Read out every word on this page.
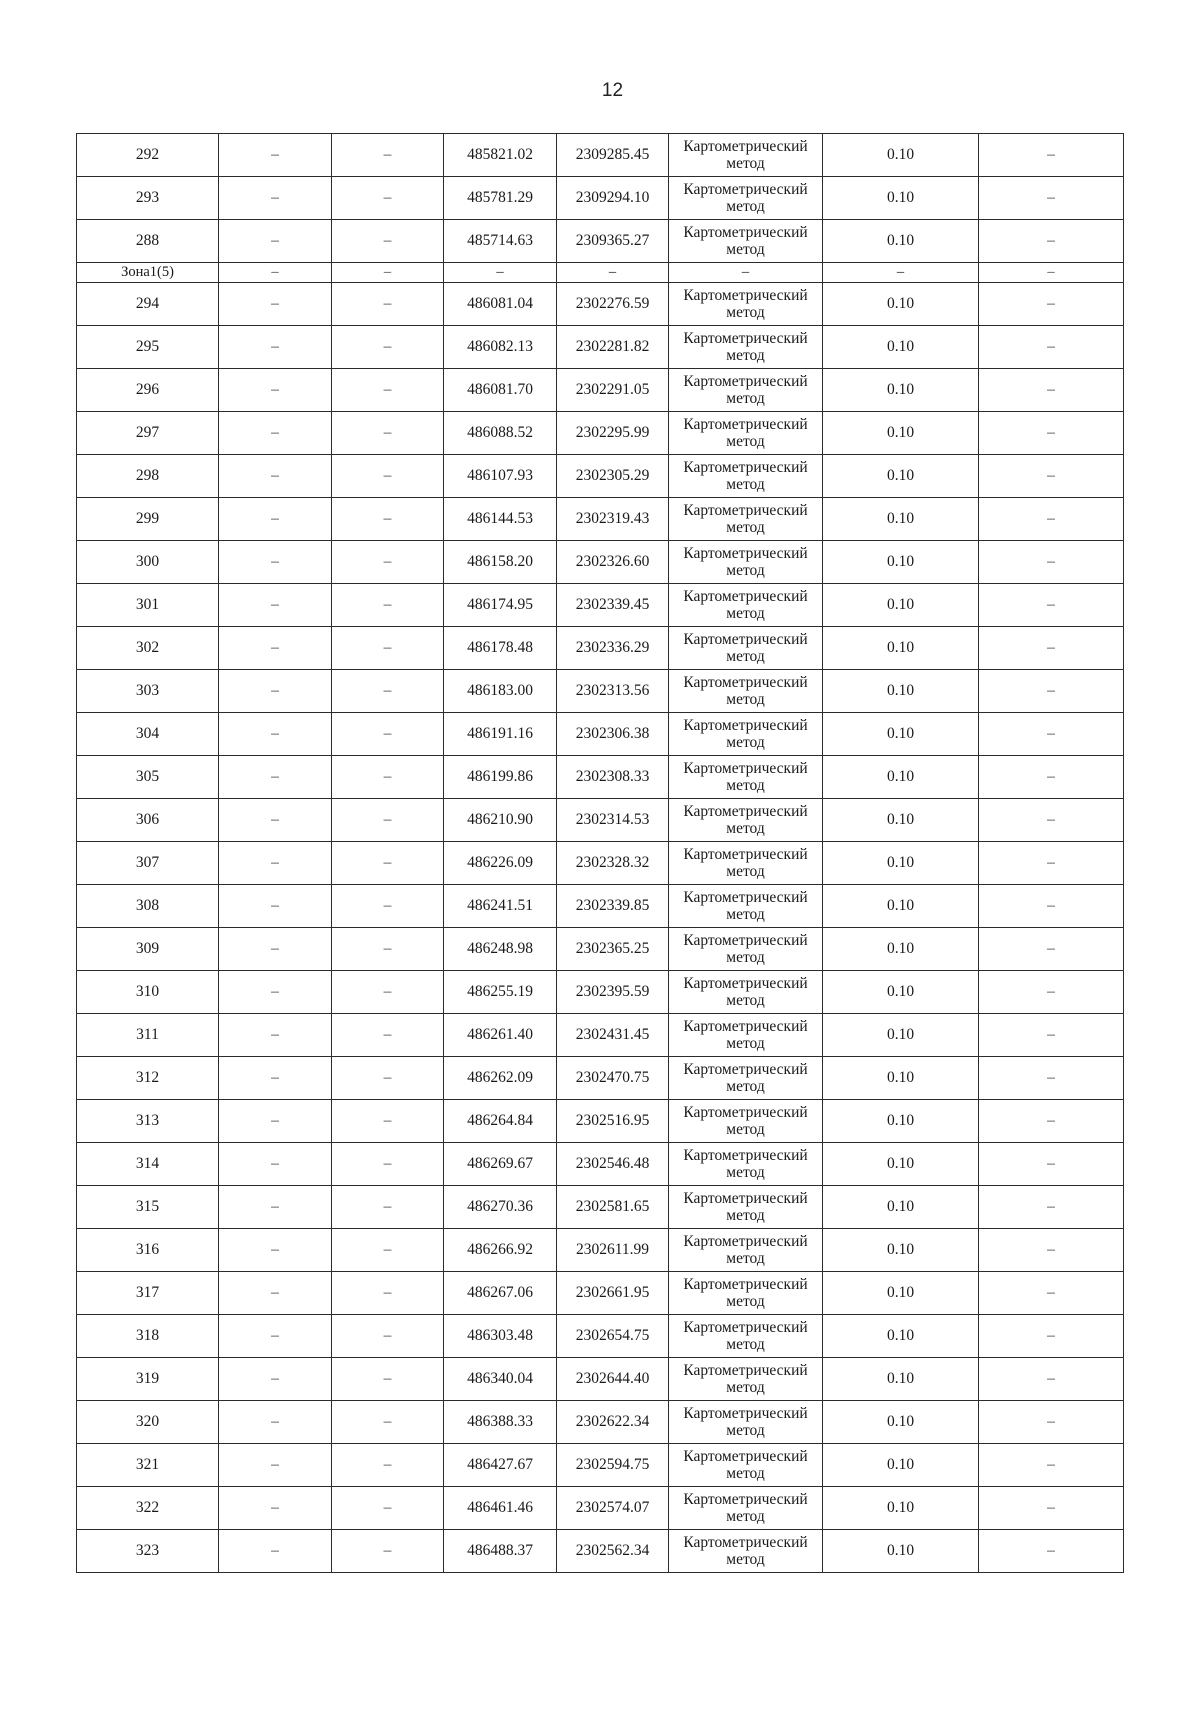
12
292	–	–	485821.02	2309285.45	Картометрический метод	0.10	–
293	–	–	485781.29	2309294.10	Картометрический метод	0.10	–
288	–	–	485714.63	2309365.27	Картометрический метод	0.10	–
Зона1(5)	–	–	–	–	–	–	–
294	–	–	486081.04	2302276.59	Картометрический метод	0.10	–
295	–	–	486082.13	2302281.82	Картометрический метод	0.10	–
296	–	–	486081.70	2302291.05	Картометрический метод	0.10	–
297	–	–	486088.52	2302295.99	Картометрический метод	0.10	–
298	–	–	486107.93	2302305.29	Картометрический метод	0.10	–
299	–	–	486144.53	2302319.43	Картометрический метод	0.10	–
300	–	–	486158.20	2302326.60	Картометрический метод	0.10	–
301	–	–	486174.95	2302339.45	Картометрический метод	0.10	–
302	–	–	486178.48	2302336.29	Картометрический метод	0.10	–
303	–	–	486183.00	2302313.56	Картометрический метод	0.10	–
304	–	–	486191.16	2302306.38	Картометрический метод	0.10	–
305	–	–	486199.86	2302308.33	Картометрический метод	0.10	–
306	–	–	486210.90	2302314.53	Картометрический метод	0.10	–
307	–	–	486226.09	2302328.32	Картометрический метод	0.10	–
308	–	–	486241.51	2302339.85	Картометрический метод	0.10	–
309	–	–	486248.98	2302365.25	Картометрический метод	0.10	–
310	–	–	486255.19	2302395.59	Картометрический метод	0.10	–
311	–	–	486261.40	2302431.45	Картометрический метод	0.10	–
312	–	–	486262.09	2302470.75	Картометрический метод	0.10	–
313	–	–	486264.84	2302516.95	Картометрический метод	0.10	–
314	–	–	486269.67	2302546.48	Картометрический метод	0.10	–
315	–	–	486270.36	2302581.65	Картометрический метод	0.10	–
316	–	–	486266.92	2302611.99	Картометрический метод	0.10	–
317	–	–	486267.06	2302661.95	Картометрический метод	0.10	–
318	–	–	486303.48	2302654.75	Картометрический метод	0.10	–
319	–	–	486340.04	2302644.40	Картометрический метод	0.10	–
320	–	–	486388.33	2302622.34	Картометрический метод	0.10	–
321	–	–	486427.67	2302594.75	Картометрический метод	0.10	–
322	–	–	486461.46	2302574.07	Картометрический метод	0.10	–
323	–	–	486488.37	2302562.34	Картометрический метод	0.10	–
